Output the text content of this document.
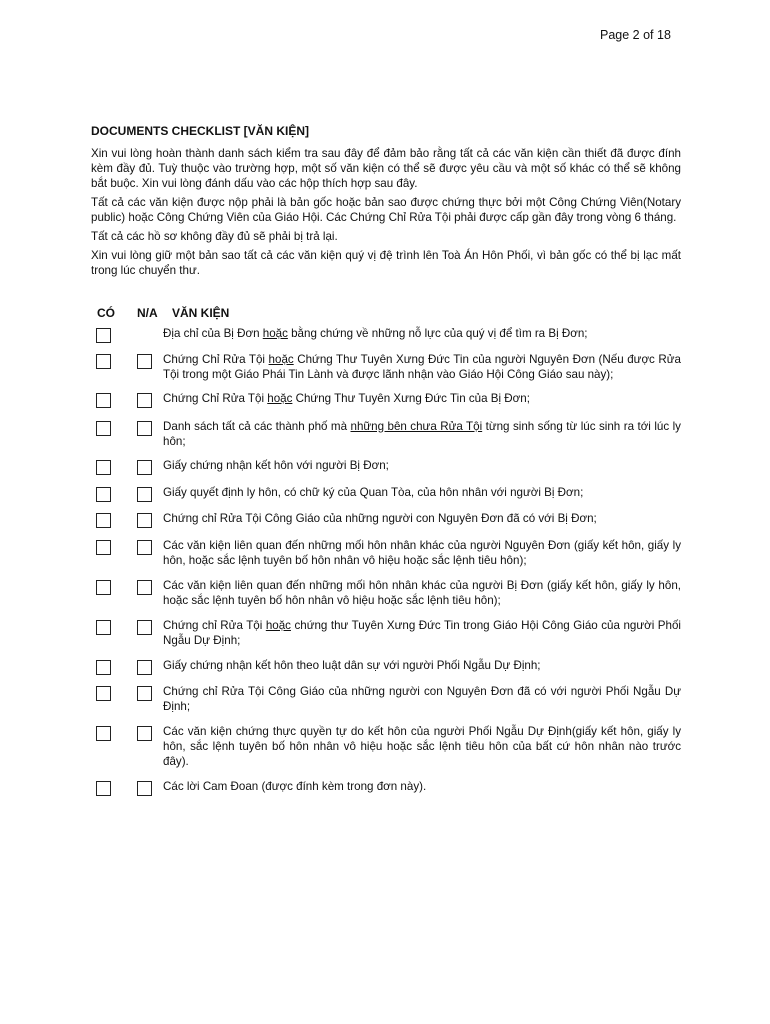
Page 2 of 18
DOCUMENTS CHECKLIST [VĂN KIỆN]

Xin vui lòng hoàn thành danh sách kiểm tra sau đây để đảm bảo rằng tất cả các văn kiện cần thiết đã được đính kèm đầy đủ. Tuỳ thuộc vào trường hợp, một số văn kiện có thể sẽ được yêu cầu và một số khác có thể sẽ không bắt buộc. Xin vui lòng đánh dấu vào các hộp thích hợp sau đây.

Tất cả các văn kiện được nộp phải là bản gốc hoặc bản sao được chứng thực bởi một Công Chứng Viên(Notary public) hoặc Công Chứng Viên của Giáo Hội. Các Chứng Chỉ Rửa Tội phải được cấp gần đây trong vòng 6 tháng.

Tất cả các hồ sơ không đầy đủ sẽ phải bị trả lại.

Xin vui lòng giữ một bản sao tất cả các văn kiện quý vị đệ trình lên Toà Án Hôn Phối, vì bản gốc có thể bị lạc mất trong lúc chuyển thư.

CÓ N/A VĂN KIỆN
Địa chỉ của Bị Đơn hoặc bằng chứng về những nỗ lực của quý vị để tìm ra Bị Đơn;
Chứng Chỉ Rửa Tội hoặc Chứng Thư Tuyên Xưng Đức Tin của người Nguyên Đơn (Nếu được Rửa Tội trong một Giáo Phái Tin Lành và được lãnh nhận vào Giáo Hội Công Giáo sau này);
Chứng Chỉ Rửa Tội hoặc Chứng Thư Tuyên Xưng Đức Tin của Bị Đơn;
Danh sách tất cả các thành phố mà những bên chưa Rửa Tội từng sinh sống từ lúc sinh ra tới lúc ly hôn;
Giấy chứng nhận kết hôn với người Bị Đơn;
Giấy quyết định ly hôn, có chữ ký của Quan Tòa, của hôn nhân với người Bị Đơn;
Chứng chỉ Rửa Tội Công Giáo của những người con Nguyên Đơn đã có với Bị Đơn;
Các văn kiện liên quan đến những mối hôn nhân khác của người Nguyên Đơn (giấy kết hôn, giấy ly hôn, hoặc sắc lệnh tuyên bố hôn nhân vô hiệu hoặc sắc lệnh tiêu hôn);
Các văn kiện liên quan đến những mối hôn nhân khác của người Bị Đơn (giấy kết hôn, giấy ly hôn, hoặc sắc lệnh tuyên bố hôn nhân vô hiệu hoặc sắc lệnh tiêu hôn);
Chứng chỉ Rửa Tội hoặc chứng thư Tuyên Xưng Đức Tin trong Giáo Hội Công Giáo của người Phối Ngẫu Dự Định;
Giấy chứng nhận kết hôn theo luật dân sự với người Phối Ngẫu Dự Định;
Chứng chỉ Rửa Tội Công Giáo của những người con Nguyên Đơn đã có với người Phối Ngẫu Dự Định;
Các văn kiện chứng thực quyền tự do kết hôn của người Phối Ngẫu Dự Định(giấy kết hôn, giấy ly hôn, sắc lệnh tuyên bố hôn nhân vô hiệu hoặc sắc lệnh tiêu hôn của bất cứ hôn nhân nào trước đây).
Các lời Cam Đoan (được đính kèm trong đơn này).
